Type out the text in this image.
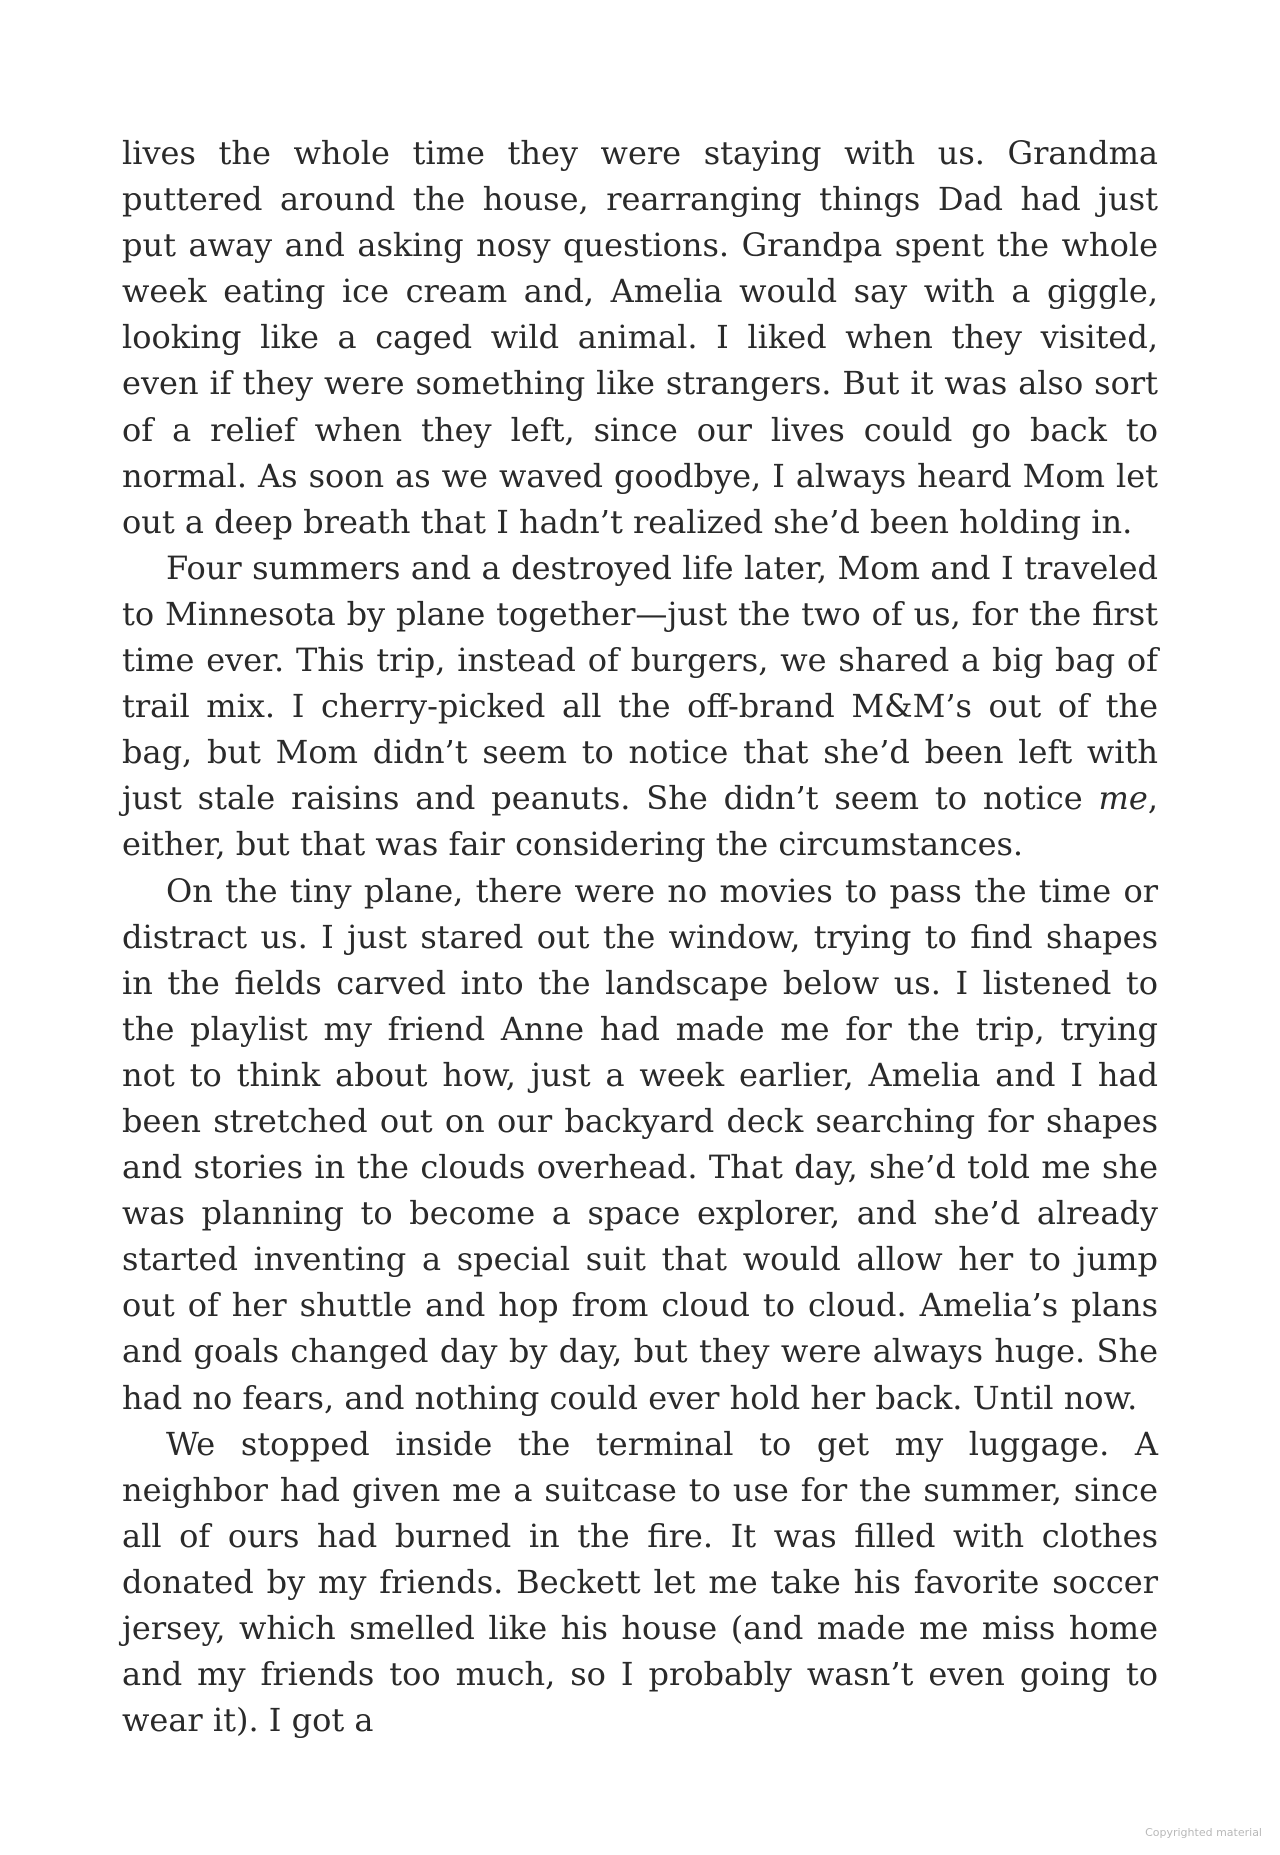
lives the whole time they were staying with us. Grandma puttered around the house, rearranging things Dad had just put away and asking nosy questions. Grandpa spent the whole week eating ice cream and, Amelia would say with a giggle, looking like a caged wild animal. I liked when they visited, even if they were something like strangers. But it was also sort of a relief when they left, since our lives could go back to normal. As soon as we waved goodbye, I always heard Mom let out a deep breath that I hadn’t realized she’d been holding in.

Four summers and a destroyed life later, Mom and I traveled to Minnesota by plane together—just the two of us, for the first time ever. This trip, instead of burgers, we shared a big bag of trail mix. I cherry-picked all the off-brand M&M’s out of the bag, but Mom didn’t seem to notice that she’d been left with just stale raisins and peanuts. She didn’t seem to notice me, either, but that was fair considering the circumstances.

On the tiny plane, there were no movies to pass the time or distract us. I just stared out the window, trying to find shapes in the fields carved into the landscape below us. I listened to the playlist my friend Anne had made me for the trip, trying not to think about how, just a week earlier, Amelia and I had been stretched out on our backyard deck searching for shapes and stories in the clouds overhead. That day, she’d told me she was planning to become a space explorer, and she’d already started inventing a special suit that would allow her to jump out of her shuttle and hop from cloud to cloud. Amelia’s plans and goals changed day by day, but they were always huge. She had no fears, and nothing could ever hold her back. Until now.

We stopped inside the terminal to get my luggage. A neighbor had given me a suitcase to use for the summer, since all of ours had burned in the fire. It was filled with clothes donated by my friends. Beckett let me take his favorite soccer jersey, which smelled like his house (and made me miss home and my friends too much, so I probably wasn’t even going to wear it). I got a

Copyrighted material
